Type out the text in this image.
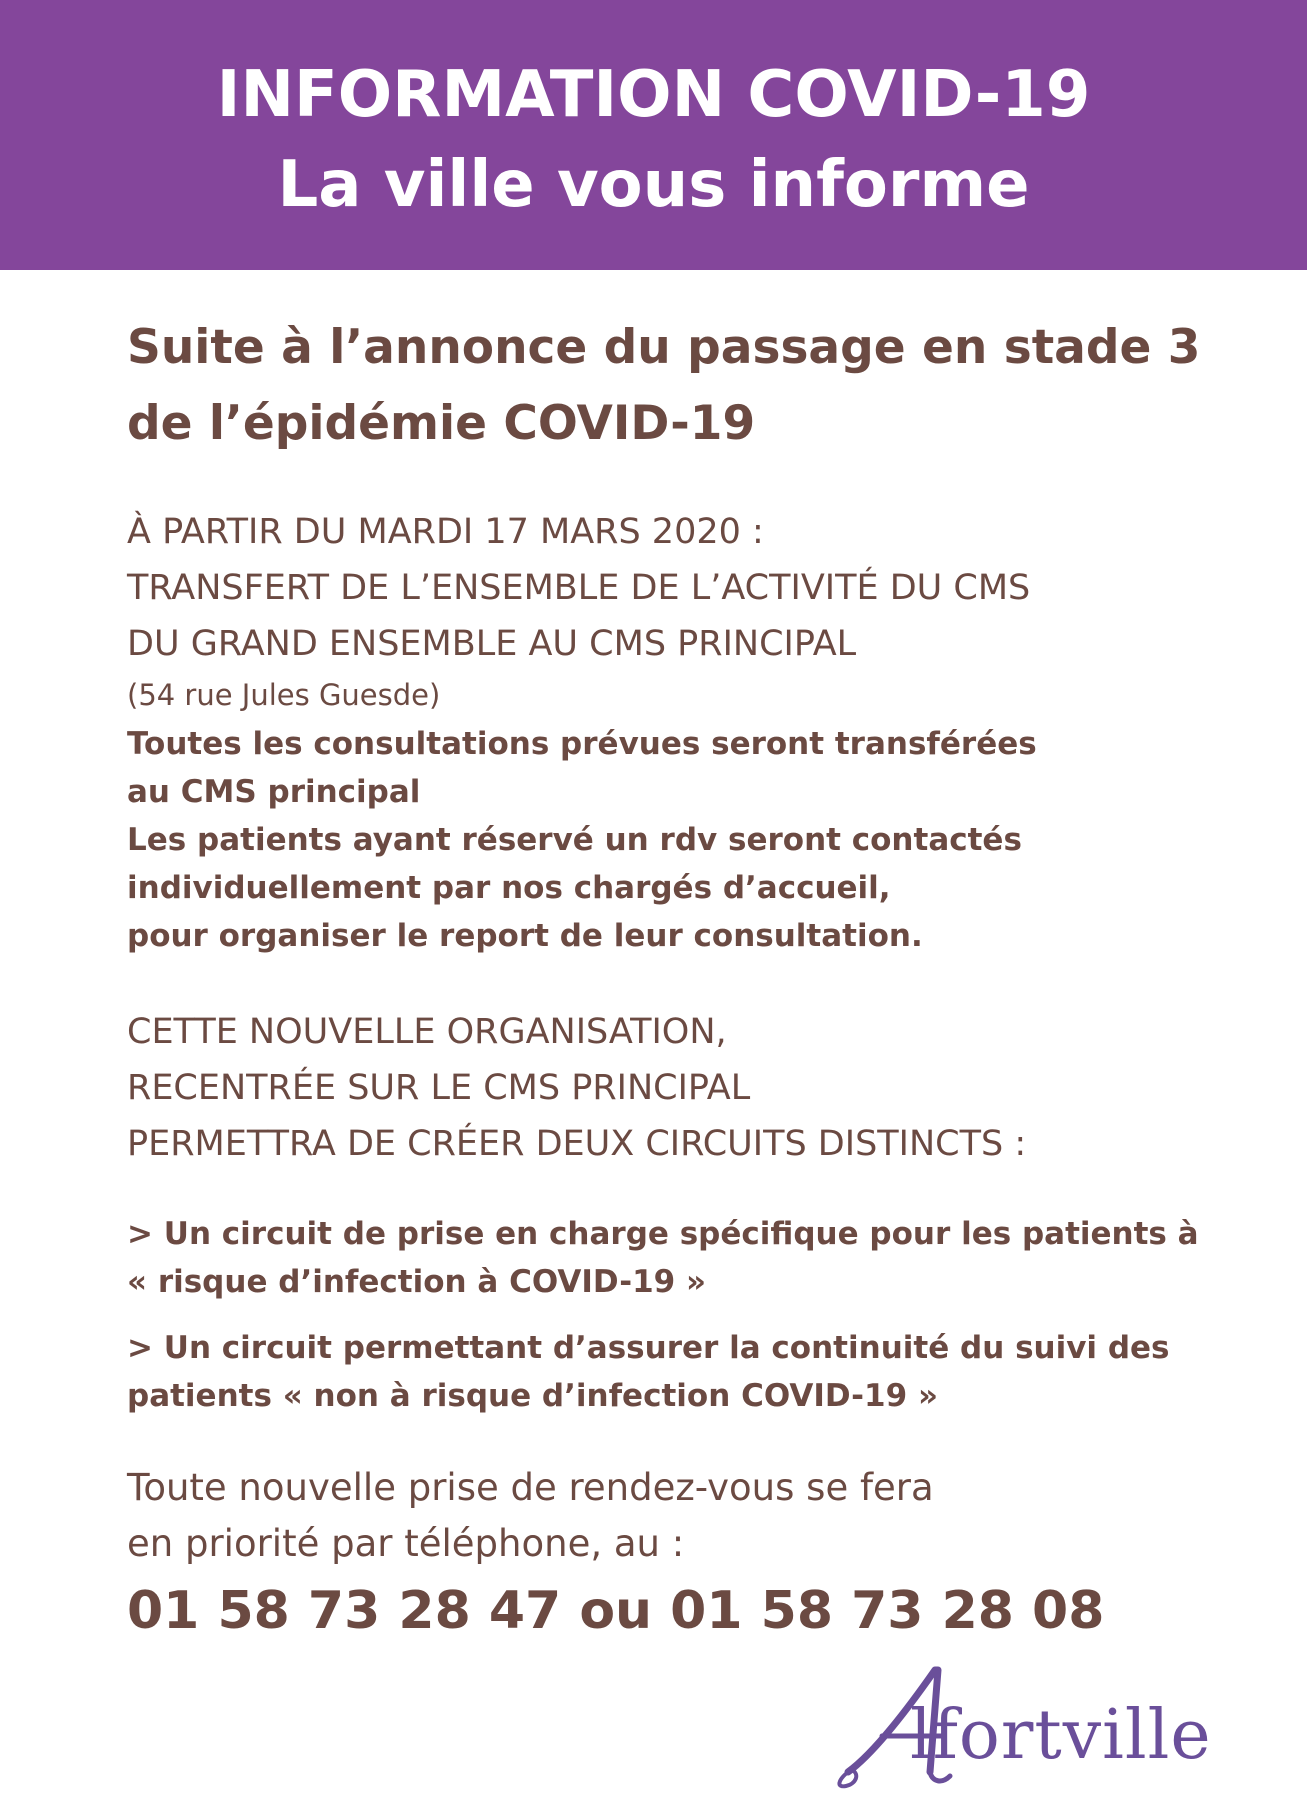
INFORMATION COVID-19
La ville vous informe
Suite à l’annonce du passage en stade 3
de l’épidémie COVID-19
À PARTIR DU MARDI 17 MARS 2020 :
TRANSFERT DE L’ENSEMBLE DE L’ACTIVITÉ DU CMS
DU GRAND ENSEMBLE AU CMS PRINCIPAL
(54 rue Jules Guesde)
Toutes les consultations prévues seront transférées
au CMS principal
Les patients ayant réservé un rdv seront contactés
individuellement par nos chargés d’accueil,
pour organiser le report de leur consultation.
CETTE NOUVELLE ORGANISATION,
RECENTRÉE SUR LE CMS PRINCIPAL
PERMETTRA DE CRÉER DEUX CIRCUITS DISTINCTS :
> Un circuit de prise en charge spécifique pour les patients à
« risque d’infection à COVID-19 »
> Un circuit permettant d’assurer la continuité du suivi des
patients « non à risque d’infection COVID-19 »
Toute nouvelle prise de rendez-vous se fera
en priorité par téléphone, au :
01 58 73 28 47 ou 01 58 73 28 08
lfortville
